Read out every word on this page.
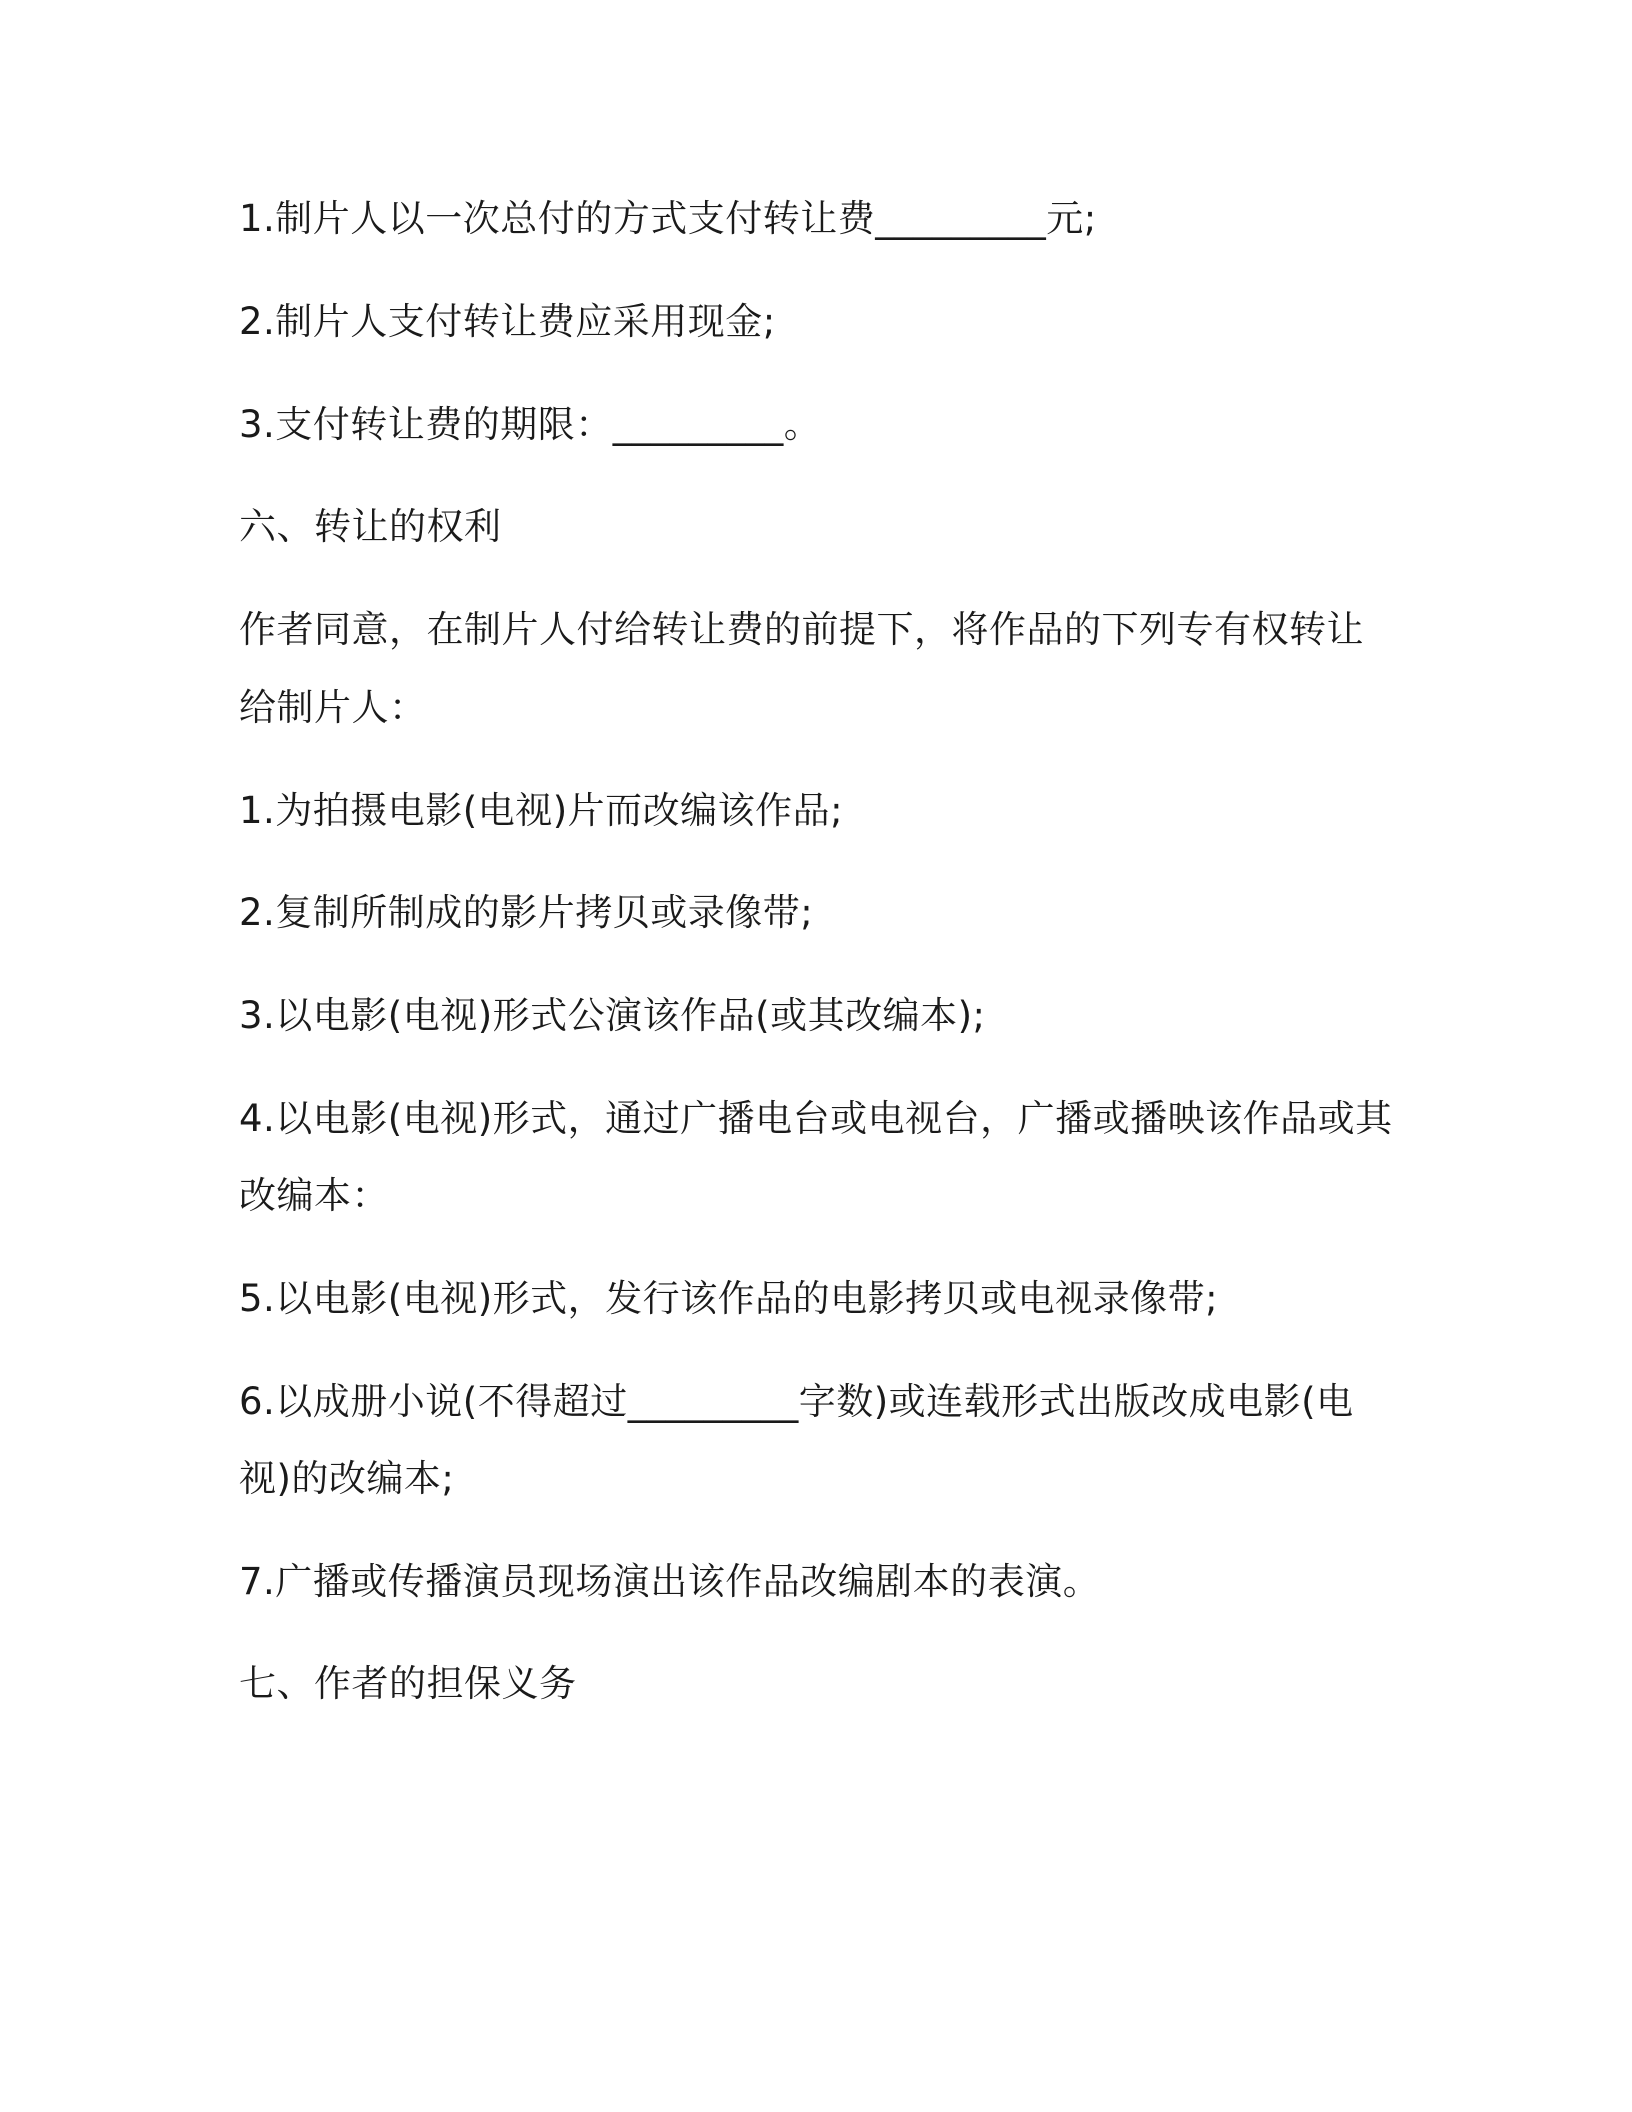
1.制片人以一次总付的方式支付转让费_________元;
2.制片人支付转让费应采用现金;
3.支付转让费的期限：_________。
六、转让的权利
作者同意，在制片人付给转让费的前提下，将作品的下列专有权转让
给制片人：
1.为拍摄电影(电视)片而改编该作品;
2.复制所制成的影片拷贝或录像带;
3.以电影(电视)形式公演该作品(或其改编本);
4.以电影(电视)形式，通过广播电台或电视台，广播或播映该作品或其
改编本：
5.以电影(电视)形式，发行该作品的电影拷贝或电视录像带;
6.以成册小说(不得超过_________字数)或连载形式出版改成电影(电
视)的改编本;
7.广播或传播演员现场演出该作品改编剧本的表演。
七、作者的担保义务
